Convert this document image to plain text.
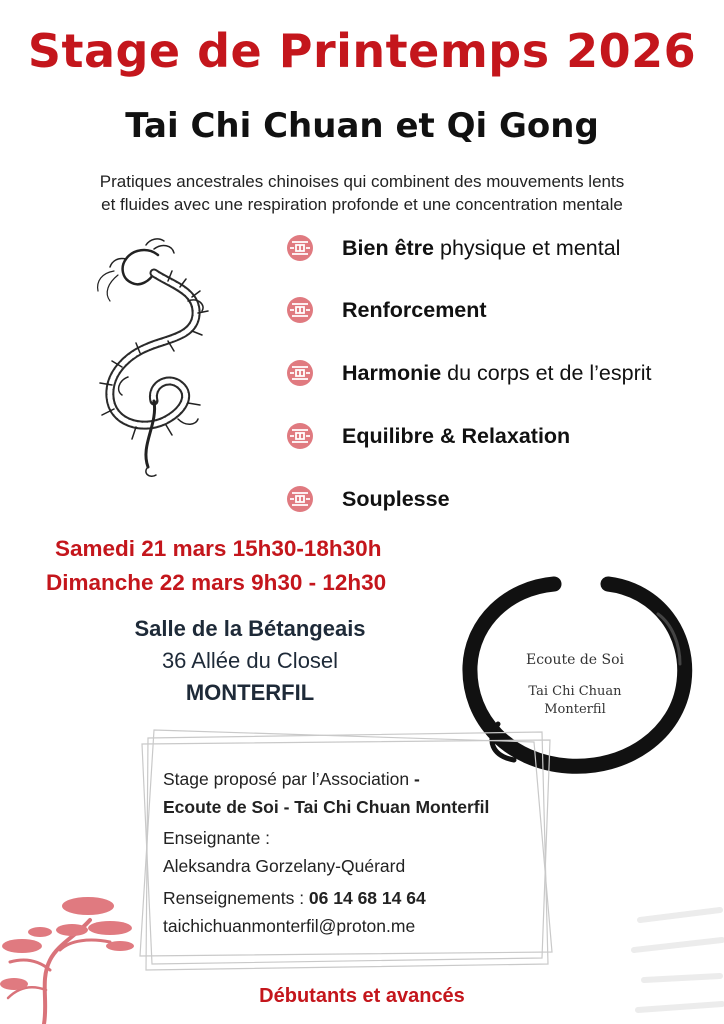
Stage de Printemps 2026
Tai Chi Chuan et Qi Gong
Pratiques ancestrales chinoises qui combinent des mouvements lents
et fluides avec une respiration profonde et une concentration mentale
Bien être physique et mental
Renforcement
Harmonie du corps et de l’esprit
Equilibre & Relaxation
Souplesse
Samedi 21 mars 15h30-18h30h
Dimanche 22 mars 9h30 - 12h30
Salle de la Bétangeais
36 Allée du Closel
MONTERFIL
Ecoute de Soi
Tai Chi Chuan
Monterfil
Stage proposé par l’Association -
Ecoute de Soi - Tai Chi Chuan Monterfil
Enseignante :
Aleksandra Gorzelany-Quérard
Renseignements : 06 14 68 14 64
taichichuanmonterfil@proton.me
Débutants et avancés
